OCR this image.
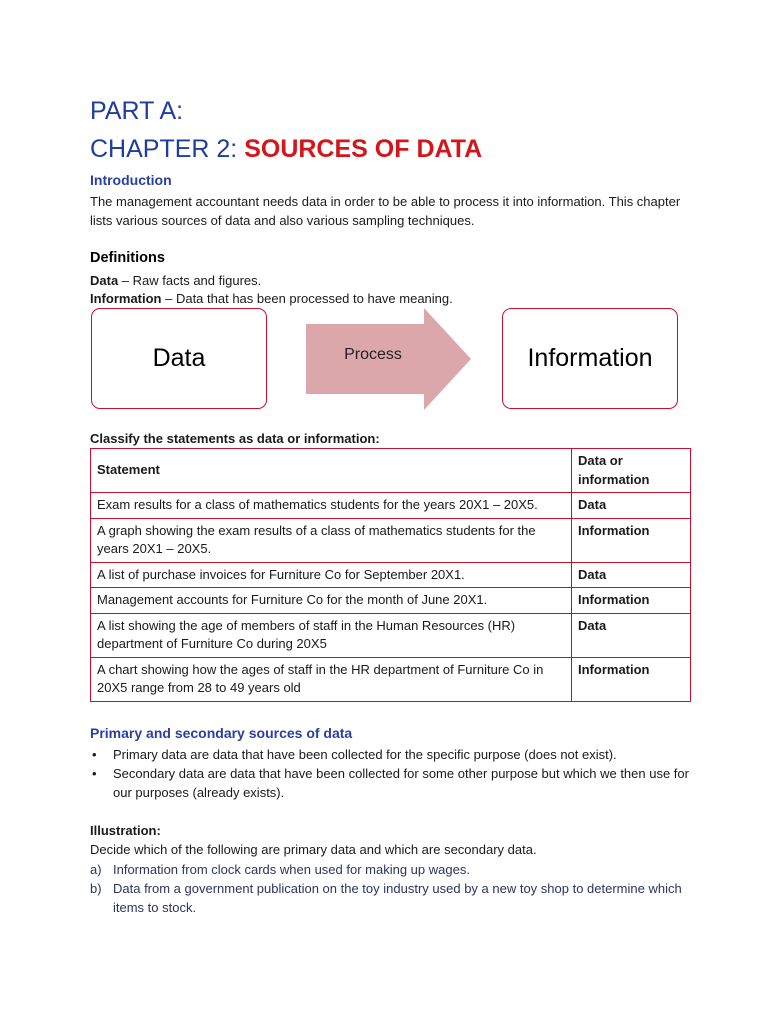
PART A:
CHAPTER 2: SOURCES OF DATA
Introduction

The management accountant needs data in order to be able to process it into information. This chapter lists various sources of data and also various sampling techniques.

Definitions

Data – Raw facts and figures.

Information – Data that has been processed to have meaning.

Data	Process	Information
Classify the statements as data or information:
Statement	Data or information
Exam results for a class of mathematics students for the years 20X1 – 20X5.	Data
A graph showing the exam results of a class of mathematics students for the years 20X1 – 20X5.	Information
A list of purchase invoices for Furniture Co for September 20X1.	Data
Management accounts for Furniture Co for the month of June 20X1.	Information
A list showing the age of members of staff in the Human Resources (HR) department of Furniture Co during 20X5	Data
A chart showing how the ages of staff in the HR department of Furniture Co in 20X5 range from 28 to 49 years old	Information
Primary and secondary sources of data
• Primary data are data that have been collected for the specific purpose (does not exist).
• Secondary data are data that have been collected for some other purpose but which we then use for our purposes (already exists).
Illustration:

Decide which of the following are primary data and which are secondary data.

a) Information from clock cards when used for making up wages.
b) Data from a government publication on the toy industry used by a new toy shop to determine which items to stock.
